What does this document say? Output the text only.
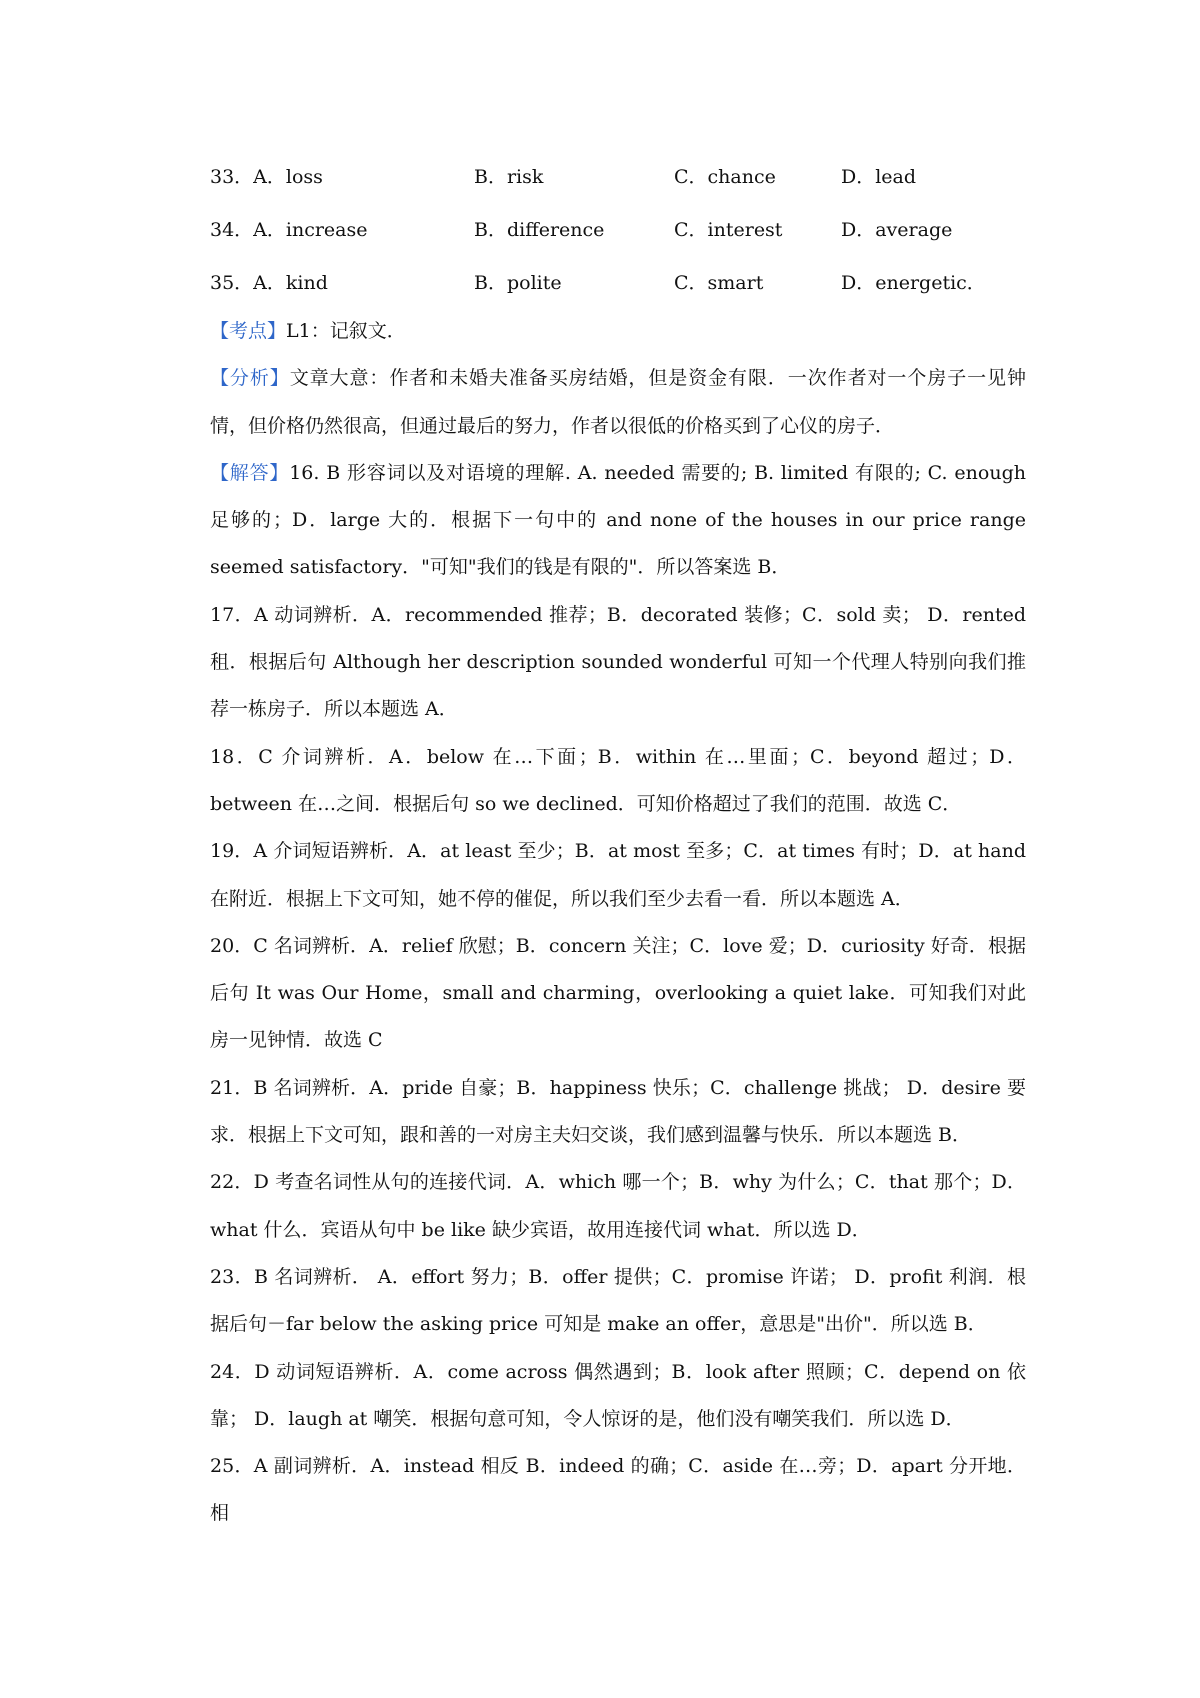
33．A．loss	B．risk	C．chance	D．lead
34．A．increase	B．difference	C．interest	D．average
35．A．kind	B．polite	C．smart	D．energetic．

【考点】L1：记叙文．

【分析】文章大意：作者和未婚夫准备买房结婚，但是资金有限．一次作者对一个房子一见钟情，但价格仍然很高，但通过最后的努力，作者以很低的价格买到了心仪的房子．

【解答】16. B 形容词以及对语境的理解. A. needed 需要的; B. limited 有限的; C. enough 足够的；D．large 大的．根据下一句中的 and none of the houses in our price range seemed satisfactory．"可知"我们的钱是有限的"．所以答案选 B．

17．A 动词辨析．A．recommended 推荐；B．decorated 装修；C．sold 卖； D．rented 租．根据后句 Although her description sounded wonderful 可知一个代理人特别向我们推荐一栋房子．所以本题选 A．

18．C 介词辨析．A．below 在…下面；B．within 在…里面；C．beyond 超过；D．between 在…之间．根据后句 so we declined．可知价格超过了我们的范围．故选 C．

19．A 介词短语辨析．A．at least 至少；B．at most 至多；C．at times 有时；D．at hand 在附近．根据上下文可知，她不停的催促，所以我们至少去看一看．所以本题选 A．

20．C 名词辨析．A．relief 欣慰；B．concern 关注；C．love 爱；D．curiosity 好奇．根据后句 It was Our Home，small and charming，overlooking a quiet lake．可知我们对此房一见钟情．故选 C

21．B 名词辨析．A．pride 自豪；B．happiness 快乐；C．challenge 挑战； D．desire 要求．根据上下文可知，跟和善的一对房主夫妇交谈，我们感到温馨与快乐．所以本题选 B．

22．D 考查名词性从句的连接代词．A．which 哪一个；B．why 为什么；C．that 那个；D．what 什么．宾语从句中 be like 缺少宾语，故用连接代词 what．所以选 D．

23．B 名词辨析． A．effort 努力；B．offer 提供；C．promise 许诺； D．profit 利润．根据后句－far below the asking price 可知是 make an offer，意思是"出价"．所以选 B．

24．D 动词短语辨析．A．come across 偶然遇到；B．look after 照顾；C．depend on 依靠； D．laugh at 嘲笑．根据句意可知，令人惊讶的是，他们没有嘲笑我们．所以选 D．

25．A 副词辨析．A．instead 相反 B．indeed 的确；C．aside 在…旁；D．apart 分开地．相
